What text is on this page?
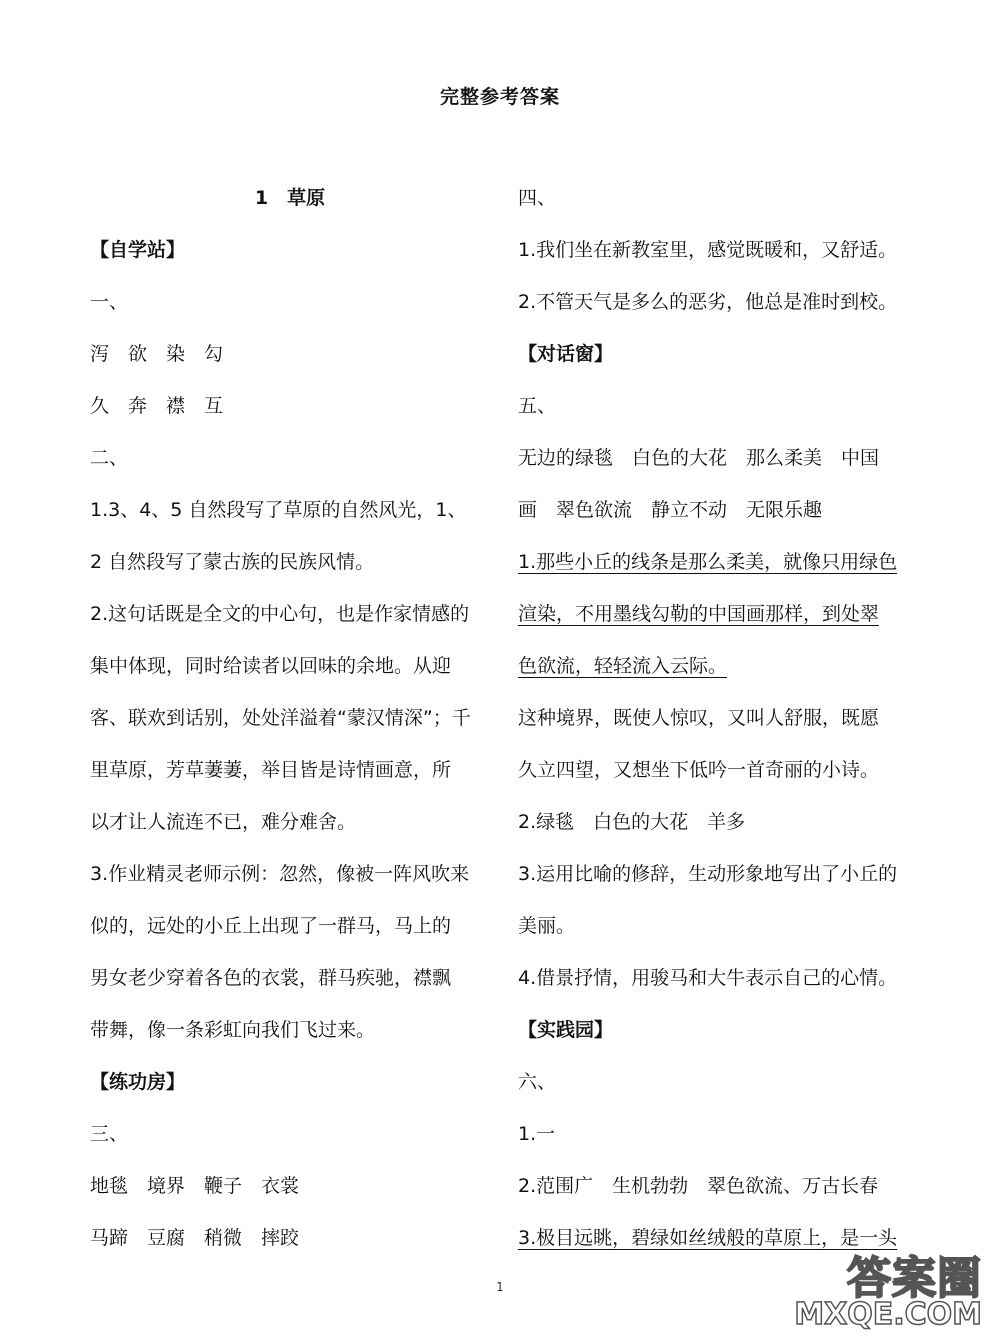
完整参考答案
1　草原
【自学站】
一、
泻　欲　染　勾
久　奔　襟　互
二、
1.3、4、5 自然段写了草原的自然风光，1、
2 自然段写了蒙古族的民族风情。
2.这句话既是全文的中心句，也是作家情感的
集中体现，同时给读者以回味的余地。从迎
客、联欢到话别，处处洋溢着“蒙汉情深”；千
里草原，芳草萋萋，举目皆是诗情画意，所
以才让人流连不已，难分难舍。
3.作业精灵老师示例：忽然，像被一阵风吹来
似的，远处的小丘上出现了一群马，马上的
男女老少穿着各色的衣裳，群马疾驰，襟飘
带舞，像一条彩虹向我们飞过来。
【练功房】
三、
地毯　境界　鞭子　衣裳
马蹄　豆腐　稍微　摔跤
四、
1.我们坐在新教室里，感觉既暖和，又舒适。
2.不管天气是多么的恶劣，他总是准时到校。
【对话窗】
五、
无边的绿毯　白色的大花　那么柔美　中国
画　翠色欲流　静立不动　无限乐趣
1.那些小丘的线条是那么柔美，就像只用绿色
渲染，不用墨线勾勒的中国画那样，到处翠
色欲流，轻轻流入云际。
这种境界，既使人惊叹，又叫人舒服，既愿
久立四望，又想坐下低吟一首奇丽的小诗。
2.绿毯　白色的大花　羊多
3.运用比喻的修辞，生动形象地写出了小丘的
美丽。
4.借景抒情，用骏马和大牛表示自己的心情。
【实践园】
六、
1.一
2.范围广　生机勃勃　翠色欲流、万古长春
3.极目远眺，碧绿如丝绒般的草原上，是一头
1	答案圈
MXQE.COM
